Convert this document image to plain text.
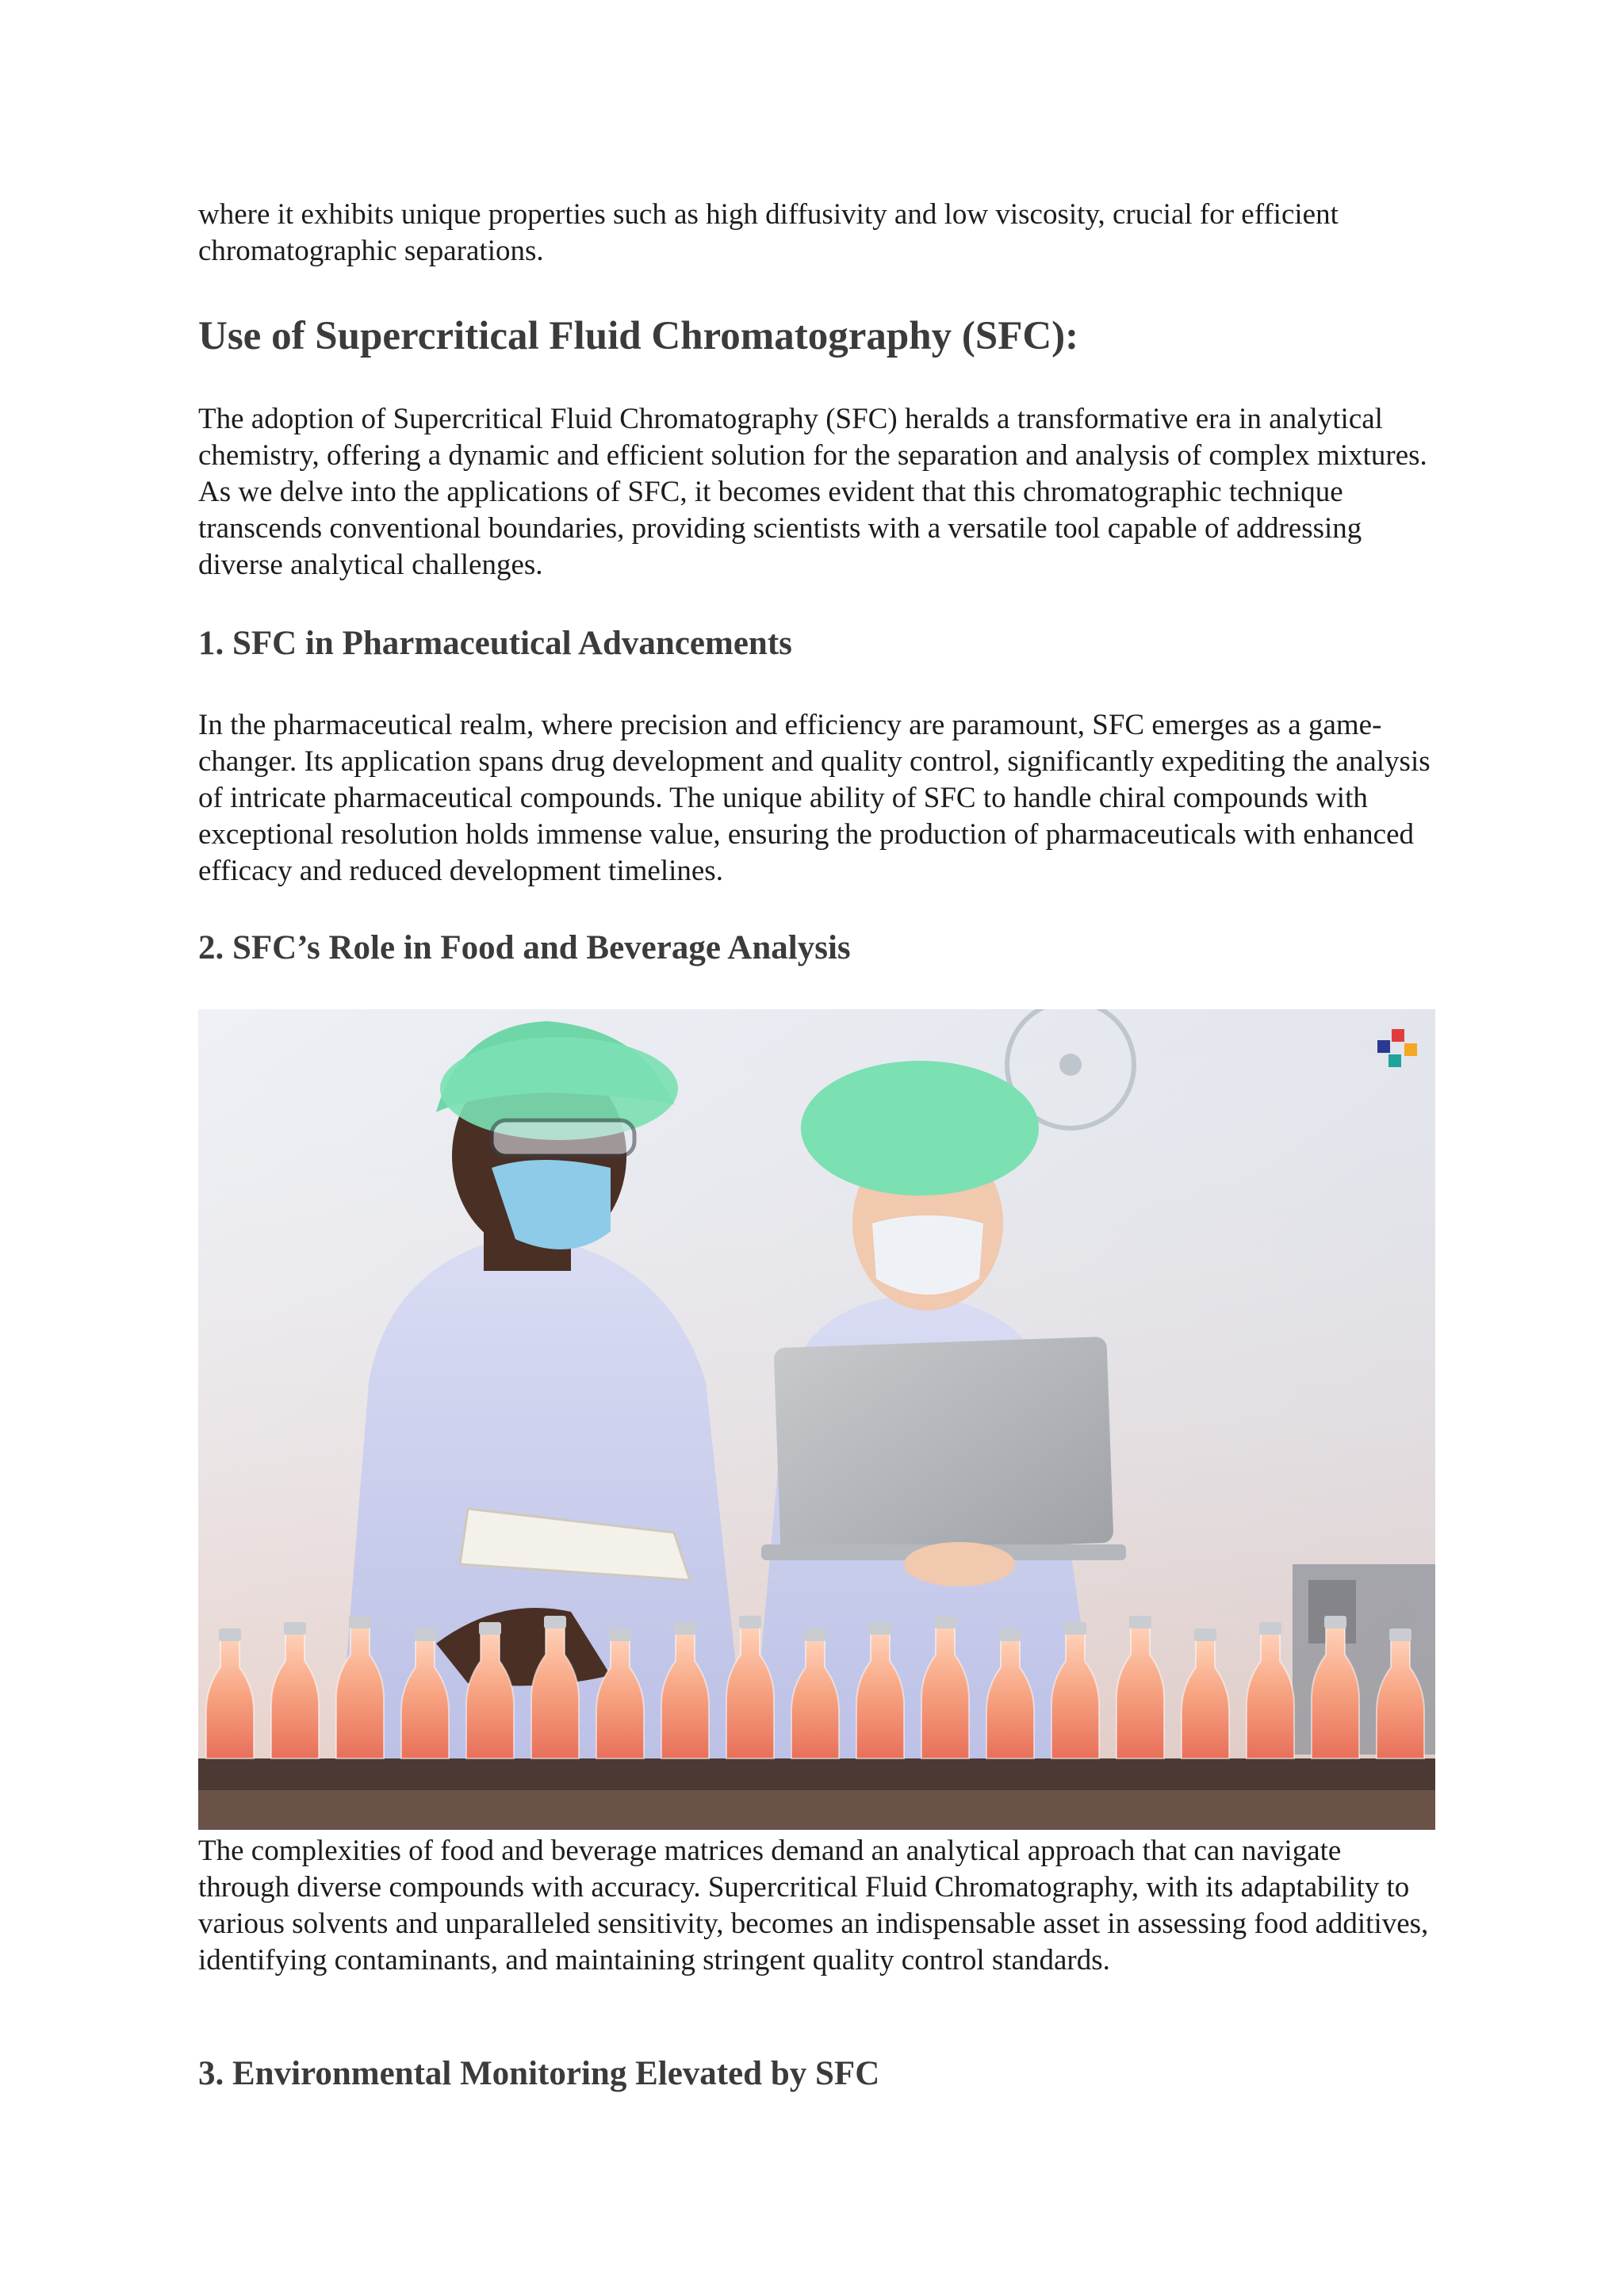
where it exhibits unique properties such as high diffusivity and low viscosity, crucial for efficient chromatographic separations.

Use of Supercritical Fluid Chromatography (SFC):

The adoption of Supercritical Fluid Chromatography (SFC) heralds a transformative era in analytical chemistry, offering a dynamic and efficient solution for the separation and analysis of complex mixtures. As we delve into the applications of SFC, it becomes evident that this chromatographic technique transcends conventional boundaries, providing scientists with a versatile tool capable of addressing diverse analytical challenges.

1. SFC in Pharmaceutical Advancements

In the pharmaceutical realm, where precision and efficiency are paramount, SFC emerges as a game-changer. Its application spans drug development and quality control, significantly expediting the analysis of intricate pharmaceutical compounds. The unique ability of SFC to handle chiral compounds with exceptional resolution holds immense value, ensuring the production of pharmaceuticals with enhanced efficacy and reduced development timelines.

2. SFC’s Role in Food and Beverage Analysis

The complexities of food and beverage matrices demand an analytical approach that can navigate through diverse compounds with accuracy. Supercritical Fluid Chromatography, with its adaptability to various solvents and unparalleled sensitivity, becomes an indispensable asset in assessing food additives, identifying contaminants, and maintaining stringent quality control standards.

3. Environmental Monitoring Elevated by SFC
